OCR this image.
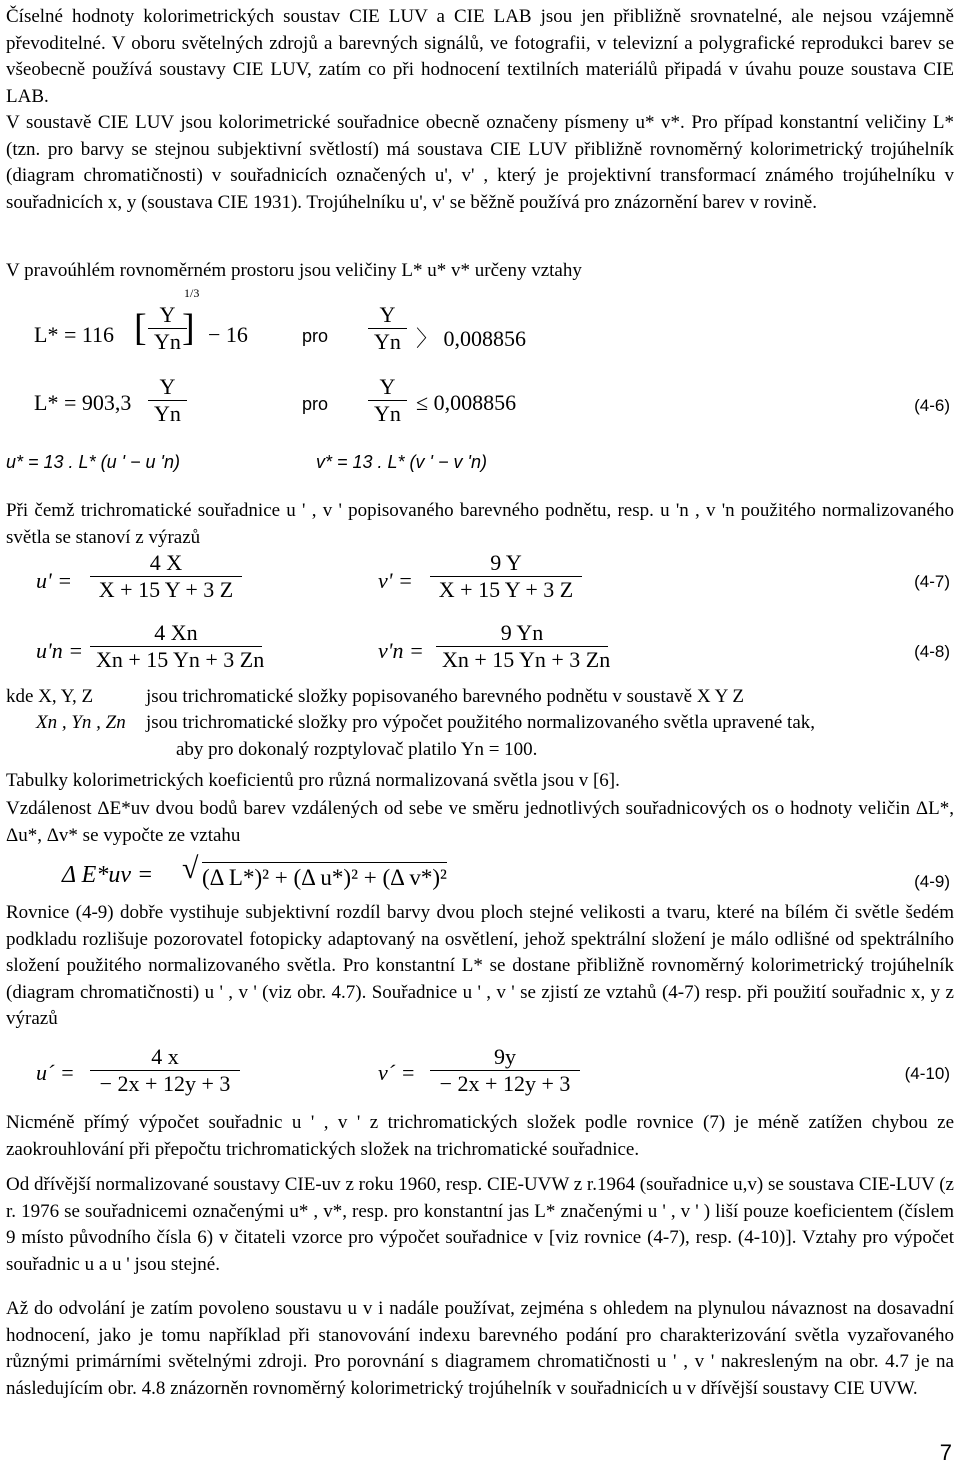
Číselné hodnoty kolorimetrických soustav CIE LUV a CIE LAB jsou jen přibližně srovnatelné, ale nejsou vzájemně převoditelné. V oboru světelných zdrojů a barevných signálů, ve fotografii, v televizní a polygrafické reprodukci barev se všeobecně používá soustavy CIE LUV, zatím co při hodnocení textilních materiálů připadá v úvahu pouze soustava CIE LAB.

V soustavě CIE LUV jsou kolorimetrické souřadnice obecně označeny písmeny u* v*. Pro případ konstantní veličiny L* (tzn. pro barvy se stejnou subjektivní světlostí) má soustava CIE LUV přibližně rovnoměrný kolorimetrický trojúhelník (diagram chromatičnosti) v souřadnicích označených u', v' , který je projektivní transformací známého trojúhelníku v souřadnicích x, y (soustava CIE 1931). Trojúhelníku u', v' se běžně používá pro znázornění barev v rovině.

V pravoúhlém rovnoměrném prostoru jsou veličiny L* u* v* určeny vztahy

L* = 116 [ $\frac{Y}{Yn}$
]
1/3
− 16	pro $\frac{Y}{Yn}$ 〉 0,008856
$L* = 903,3 \frac{Y}{Yn}$	pro $\frac{Y}{Yn} \le 0,008856$	(4-6)
u* = 13 . L* (u ' − u 'n)	v* = 13 . L* (v ' − v 'n)

Při čemž trichromatické souřadnice u ' , v ' popisovaného barevného podnětu, resp. u 'n , v 'n použitého normalizovaného světla se stanoví z výrazů

$u' = \frac{4 X}{X + 15 Y + 3 Z}$	$v' = \frac{9 Y}{X + 15 Y + 3 Z}$	(4-7)
$u'n = \frac{4 Xn}{Xn + 15 Yn + 3 Zn}$	$v'n = \frac{9 Yn}{Xn + 15 Yn + 3 Zn}$	(4-8)
kde X, Y, Z	jsou trichromatické složky popisovaného barevného podnětu v soustavě X Y Z
Xn , Yn , Zn jsou trichromatické složky pro výpočet použitého normalizovaného světla upravené tak,
aby pro dokonalý rozptylovač platilo Yn = 100.

Tabulky kolorimetrických koeficientů pro různá normalizovaná světla jsou v [6].

Vzdálenost ΔE*uv dvou bodů barev vzdálených od sebe ve směru jednotlivých souřadnicových os o hodnoty veličin ΔL*, Δu*, Δv* se vypočte ze vztahu

Δ E*uv = √ (Δ L*)² + (Δ u*)² + (Δ v*)²	(4-9)

Rovnice (4-9) dobře vystihuje subjektivní rozdíl barvy dvou ploch stejné velikosti a tvaru, které na bílém či světle šedém podkladu rozlišuje pozorovatel fotopicky adaptovaný na osvětlení, jehož spektrální složení je málo odlišné od spektrálního složení použitého normalizovaného světla. Pro konstantní L* se dostane přibližně rovnoměrný kolorimetrický trojúhelník (diagram chromatičnosti) u ' , v ' (viz obr. 4.7). Souřadnice u ' , v ' se zjistí ze vztahů (4-7) resp. při použití souřadnic x, y z výrazů

u´ = $\frac{4 x}{- 2x + 12y + 3}$	v´ = $\frac{9y}{- 2x + 12y + 3}$	(4-10)

Nicméně přímý výpočet souřadnic u ' , v ' z trichromatických složek podle rovnice (7) je méně zatížen chybou ze zaokrouhlování při přepočtu trichromatických složek na trichromatické souřadnice.

Od dřívější normalizované soustavy CIE-uv z roku 1960, resp. CIE-UVW z r.1964 (souřadnice u,v) se soustava CIE-LUV (z r. 1976 se souřadnicemi označenými u* , v*, resp. pro konstantní jas L* značenými u ' , v ' ) liší pouze koeficientem (číslem 9 místo původního čísla 6) v čitateli vzorce pro výpočet souřadnice v [viz rovnice (4-7), resp. (4-10)]. Vztahy pro výpočet souřadnic u a u ' jsou stejné.

Až do odvolání je zatím povoleno soustavu u v i nadále používat, zejména s ohledem na plynulou návaznost na dosavadní hodnocení, jako je tomu například při stanovování indexu barevného podání pro charakterizování světla vyzařovaného různými primárními světelnými zdroji. Pro porovnání s diagramem chromatičnosti u ' , v ' nakresleným na obr. 4.7 je na následujícím obr. 4.8 znázorněn rovnoměrný kolorimetrický trojúhelník v souřadnicích u v dřívější soustavy CIE UVW.

7
